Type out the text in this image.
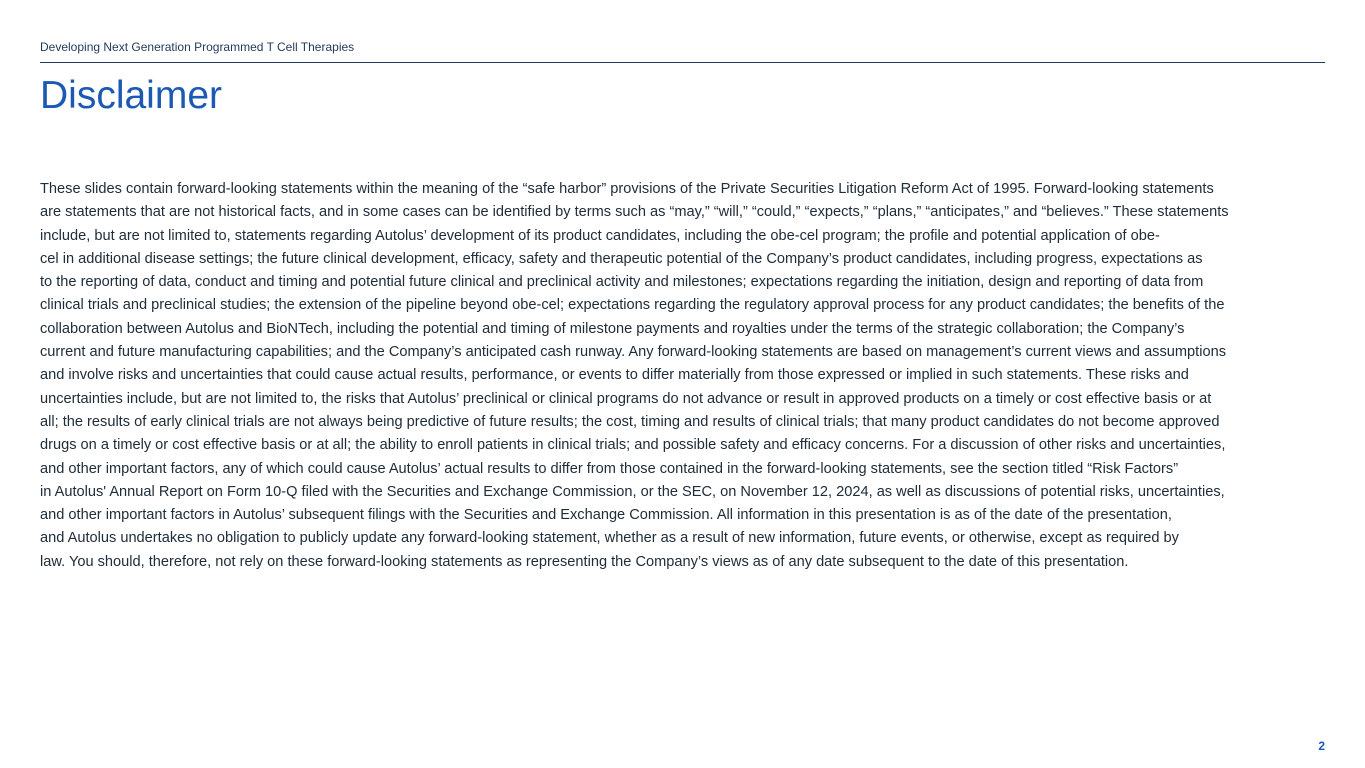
Developing Next Generation Programmed T Cell Therapies
Disclaimer
These slides contain forward-looking statements within the meaning of the “safe harbor” provisions of the Private Securities Litigation Reform Act of 1995. Forward-looking statements
are statements that are not historical facts, and in some cases can be identified by terms such as “may,” “will,” “could,” “expects,” “plans,” “anticipates,” and “believes.” These statements
include, but are not limited to, statements regarding Autolus’ development of its product candidates, including the obe-cel program; the profile and potential application of obe-
cel in additional disease settings; the future clinical development, efficacy, safety and therapeutic potential of the Company’s product candidates, including progress, expectations as
to the reporting of data, conduct and timing and potential future clinical and preclinical activity and milestones; expectations regarding the initiation, design and reporting of data from
clinical trials and preclinical studies; the extension of the pipeline beyond obe-cel; expectations regarding the regulatory approval process for any product candidates; the benefits of the
collaboration between Autolus and BioNTech, including the potential and timing of milestone payments and royalties under the terms of the strategic collaboration; the Company’s
current and future manufacturing capabilities; and the Company’s anticipated cash runway. Any forward-looking statements are based on management’s current views and assumptions
and involve risks and uncertainties that could cause actual results, performance, or events to differ materially from those expressed or implied in such statements. These risks and
uncertainties include, but are not limited to, the risks that Autolus’ preclinical or clinical programs do not advance or result in approved products on a timely or cost effective basis or at
all; the results of early clinical trials are not always being predictive of future results; the cost, timing and results of clinical trials; that many product candidates do not become approved
drugs on a timely or cost effective basis or at all; the ability to enroll patients in clinical trials; and possible safety and efficacy concerns. For a discussion of other risks and uncertainties,
and other important factors, any of which could cause Autolus’ actual results to differ from those contained in the forward-looking statements, see the section titled “Risk Factors”
in Autolus' Annual Report on Form 10-Q filed with the Securities and Exchange Commission, or the SEC, on November 12, 2024, as well as discussions of potential risks, uncertainties,
and other important factors in Autolus’ subsequent filings with the Securities and Exchange Commission. All information in this presentation is as of the date of the presentation,
and Autolus undertakes no obligation to publicly update any forward-looking statement, whether as a result of new information, future events, or otherwise, except as required by
law. You should, therefore, not rely on these forward-looking statements as representing the Company’s views as of any date subsequent to the date of this presentation.
2
